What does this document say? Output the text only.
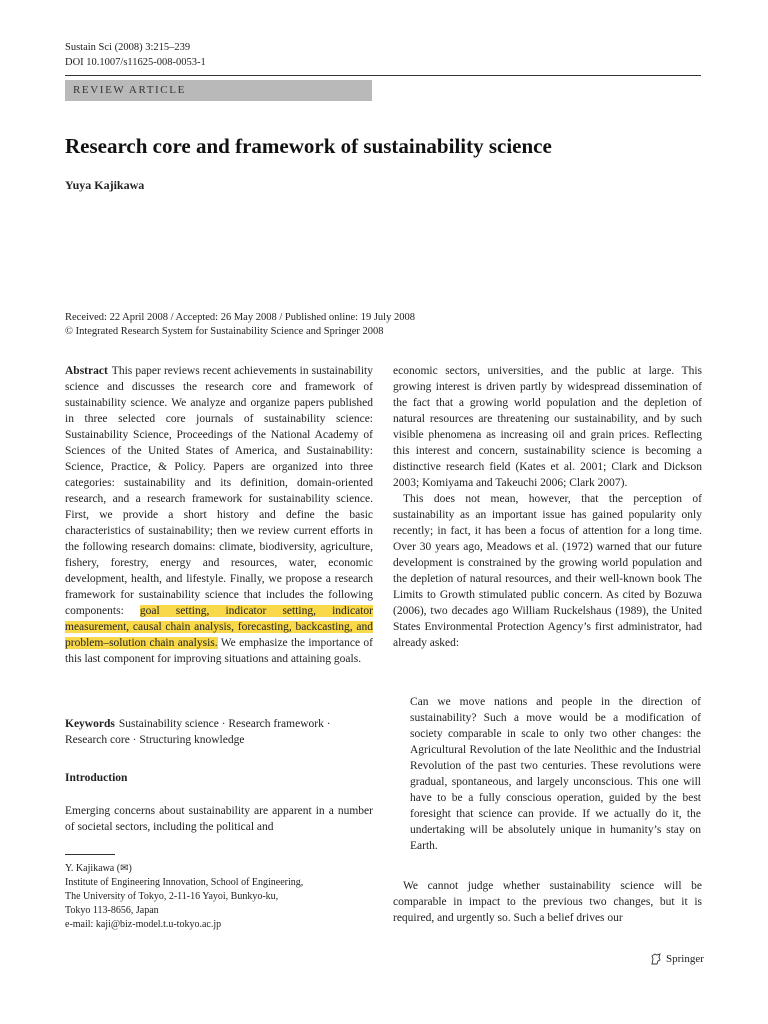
Sustain Sci (2008) 3:215–239
DOI 10.1007/s11625-008-0053-1
REVIEW ARTICLE
Research core and framework of sustainability science
Yuya Kajikawa
Received: 22 April 2008 / Accepted: 26 May 2008 / Published online: 19 July 2008
© Integrated Research System for Sustainability Science and Springer 2008

Abstract This paper reviews recent achievements in sustainability science and discusses the research core and framework of sustainability science. We analyze and organize papers published in three selected core journals of sustainability science: Sustainability Science, Proceedings of the National Academy of Sciences of the United States of America, and Sustainability: Science, Practice, & Policy. Papers are organized into three categories: sustainability and its definition, domain-oriented research, and a research framework for sustainability science. First, we provide a short history and define the basic characteristics of sustainability; then we review current efforts in the following research domains: climate, biodiversity, agriculture, fishery, forestry, energy and resources, water, economic development, health, and lifestyle. Finally, we propose a research framework for sustainability science that includes the following components: goal setting, indicator setting, indicator measurement, causal chain analysis, forecasting, backcasting, and problem–solution chain analysis. We emphasize the importance of this last component for improving situations and attaining goals.

Keywords Sustainability science · Research framework · Research core · Structuring knowledge
Introduction
Emerging concerns about sustainability are apparent in a number of societal sectors, including the political and
Y. Kajikawa (✉)
Institute of Engineering Innovation, School of Engineering,
The University of Tokyo, 2-11-16 Yayoi, Bunkyo-ku,
Tokyo 113-8656, Japan
e-mail: kaji@biz-model.t.u-tokyo.ac.jp

economic sectors, universities, and the public at large. This growing interest is driven partly by widespread dissemination of the fact that a growing world population and the depletion of natural resources are threatening our sustainability, and by such visible phenomena as increasing oil and grain prices. Reflecting this interest and concern, sustainability science is becoming a distinctive research field (Kates et al. 2001; Clark and Dickson 2003; Komiyama and Takeuchi 2006; Clark 2007).

This does not mean, however, that the perception of sustainability as an important issue has gained popularity only recently; in fact, it has been a focus of attention for a long time. Over 30 years ago, Meadows et al. (1972) warned that our future development is constrained by the growing world population and the depletion of natural resources, and their well-known book The Limits to Growth stimulated public concern. As cited by Bozuwa (2006), two decades ago William Ruckelshaus (1989), the United States Environmental Protection Agency’s first administrator, had already asked:

Can we move nations and people in the direction of sustainability? Such a move would be a modification of society comparable in scale to only two other changes: the Agricultural Revolution of the late Neolithic and the Industrial Revolution of the past two centuries. These revolutions were gradual, spontaneous, and largely unconscious. This one will have to be a fully conscious operation, guided by the best foresight that science can provide. If we actually do it, the undertaking will be absolutely unique in humanity’s stay on Earth.
We cannot judge whether sustainability science will be comparable in impact to the previous two changes, but it is required, and urgently so. Such a belief drives our
Springer
